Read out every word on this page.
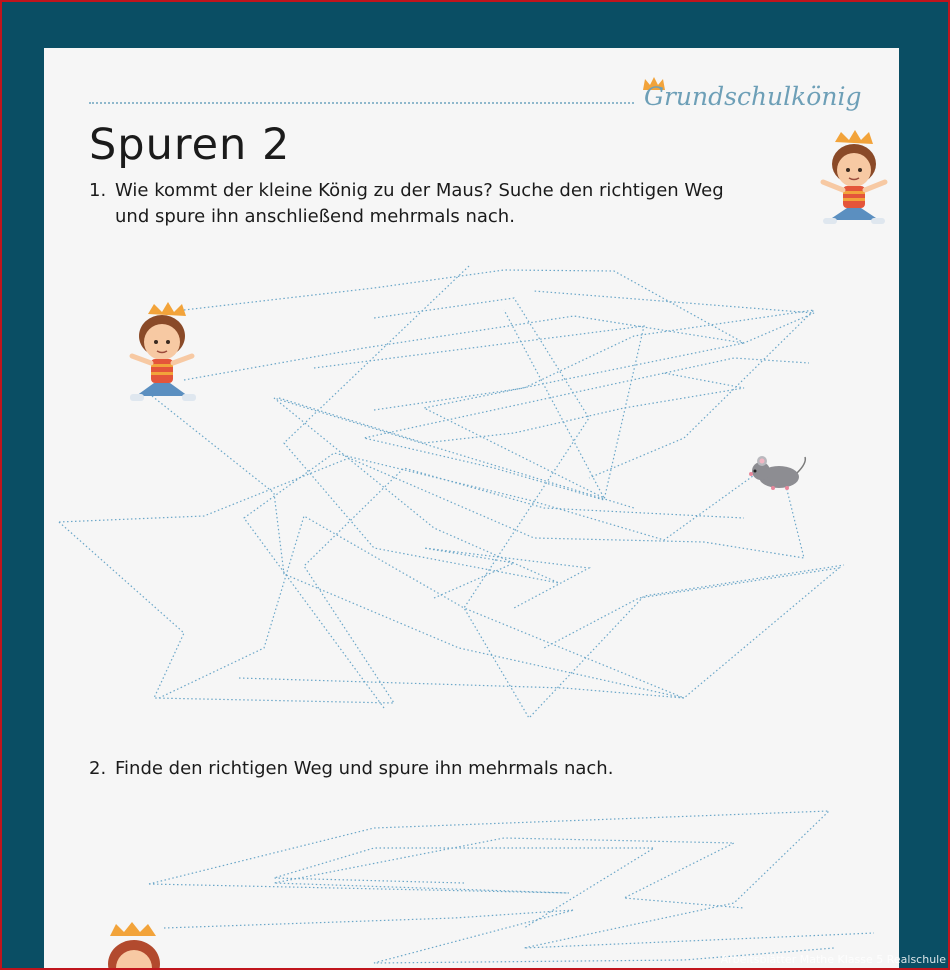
Grundschulkönig
Spuren 2
1. Wie kommt der kleine König zu der Maus? Suche den richtigen Weg
und spure ihn anschließend mehrmals nach.
2. Finde den richtigen Weg und spure ihn mehrmals nach.
Arbeitsblätter Mathe Klasse 5 Realschule
